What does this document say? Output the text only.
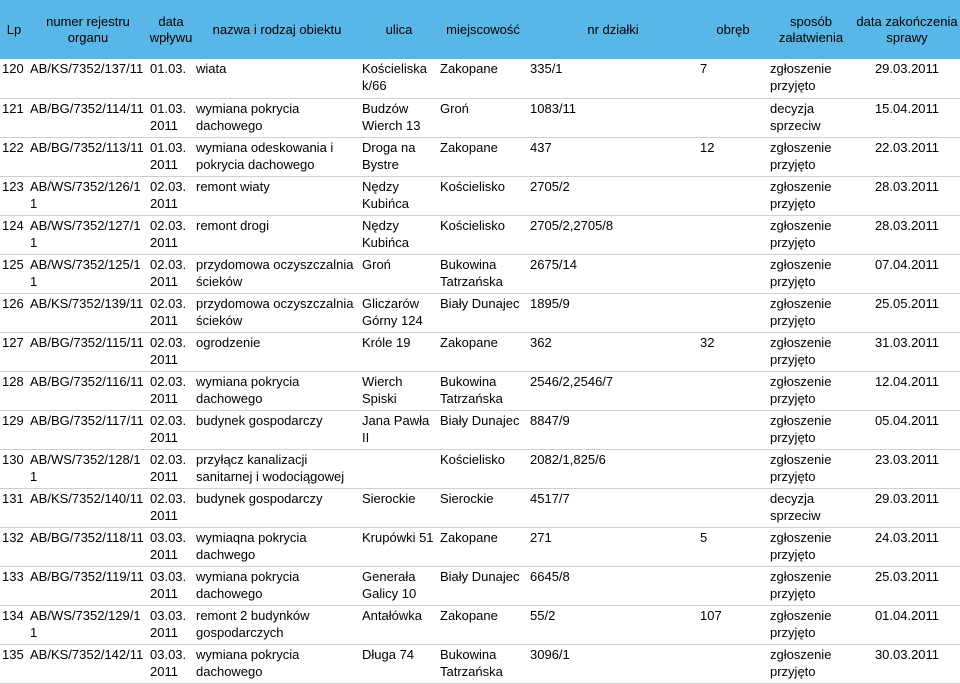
Lp	numer rejestru organu	data wpływu	nazwa i rodzaj obiektu	ulica	miejscowość	nr działki	obręb	sposób załatwienia	data zakończenia sprawy
120	AB/KS/7352/137/11	01.03.	wiata	Kościeliska k/66	Zakopane	335/1	7	zgłoszenie przyjęto	29.03.2011
121	AB/BG/7352/114/11	01.03. 2011	wymiana pokrycia dachowego	Budzów Wierch 13	Groń	1083/11		decyzja sprzeciw	15.04.2011
122	AB/BG/7352/113/11	01.03. 2011	wymiana odeskowania i pokrycia dachowego	Droga na Bystre	Zakopane	437	12	zgłoszenie przyjęto	22.03.2011
123	AB/WS/7352/126/11	02.03. 2011	remont wiaty	Nędzy Kubińca	Kościelisko	2705/2		zgłoszenie przyjęto	28.03.2011
124	AB/WS/7352/127/11	02.03. 2011	remont drogi	Nędzy Kubińca	Kościelisko	2705/2,2705/8		zgłoszenie przyjęto	28.03.2011
125	AB/WS/7352/125/11	02.03. 2011	przydomowa oczyszczalnia ścieków	Groń	Bukowina Tatrzańska	2675/14		zgłoszenie przyjęto	07.04.2011
126	AB/KS/7352/139/11	02.03. 2011	przydomowa oczyszczalnia ścieków	Gliczarów Górny 124	Biały Dunajec	1895/9		zgłoszenie przyjęto	25.05.2011
127	AB/BG/7352/115/11	02.03. 2011	ogrodzenie	Króle 19	Zakopane	362	32	zgłoszenie przyjęto	31.03.2011
128	AB/BG/7352/116/11	02.03. 2011	wymiana pokrycia dachowego	Wierch Spiski	Bukowina Tatrzańska	2546/2,2546/7		zgłoszenie przyjęto	12.04.2011
129	AB/BG/7352/117/11	02.03. 2011	budynek gospodarczy	Jana Pawła II	Biały Dunajec	8847/9		zgłoszenie przyjęto	05.04.2011
130	AB/WS/7352/128/11	02.03. 2011	przyłącz kanalizacji sanitarnej i wodociągowej		Kościelisko	2082/1,825/6		zgłoszenie przyjęto	23.03.2011
131	AB/KS/7352/140/11	02.03. 2011	budynek gospodarczy	Sierockie	Sierockie	4517/7		decyzja sprzeciw	29.03.2011
132	AB/BG/7352/118/11	03.03. 2011	wymiaqna pokrycia dachwego	Krupówki 51	Zakopane	271	5	zgłoszenie przyjęto	24.03.2011
133	AB/BG/7352/119/11	03.03. 2011	wymiana pokrycia dachowego	Generała Galicy 10	Biały Dunajec	6645/8		zgłoszenie przyjęto	25.03.2011
134	AB/WS/7352/129/11	03.03. 2011	remont 2 budynków gospodarczych	Antałówka	Zakopane	55/2	107	zgłoszenie przyjęto	01.04.2011
135	AB/KS/7352/142/11	03.03. 2011	wymiana pokrycia dachowego	Długa 74	Bukowina Tatrzańska	3096/1		zgłoszenie przyjęto	30.03.2011
